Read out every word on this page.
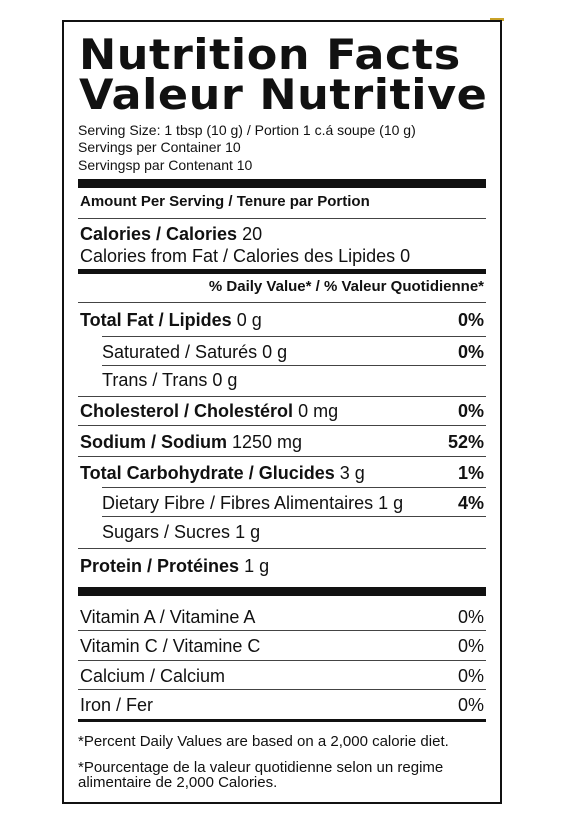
Nutrition Facts
Valeur Nutritive
Serving Size: 1 tbsp (10 g) / Portion 1 c.á soupe (10 g)
Servings per Container 10
Servingsp par Contenant 10
Amount Per Serving / Tenure par Portion
Calories / Calories 20
Calories from Fat / Calories des Lipides 0
% Daily Value* / % Valeur Quotidienne*
Total Fat / Lipides 0 g	0%
Saturated / Saturés 0 g	0%
Trans / Trans 0 g
Cholesterol / Cholestérol 0 mg	0%
Sodium / Sodium 1250 mg	52%
Total Carbohydrate / Glucides 3 g	1%
Dietary Fibre / Fibres Alimentaires 1 g	4%
Sugars / Sucres 1 g
Protein / Protéines 1 g
Vitamin A / Vitamine A	0%
Vitamin C / Vitamine C	0%
Calcium / Calcium	0%
Iron / Fer	0%
*Percent Daily Values are based on a 2,000 calorie diet.
*Pourcentage de la valeur quotidienne selon un regime alimentaire de 2,000 Calories.
